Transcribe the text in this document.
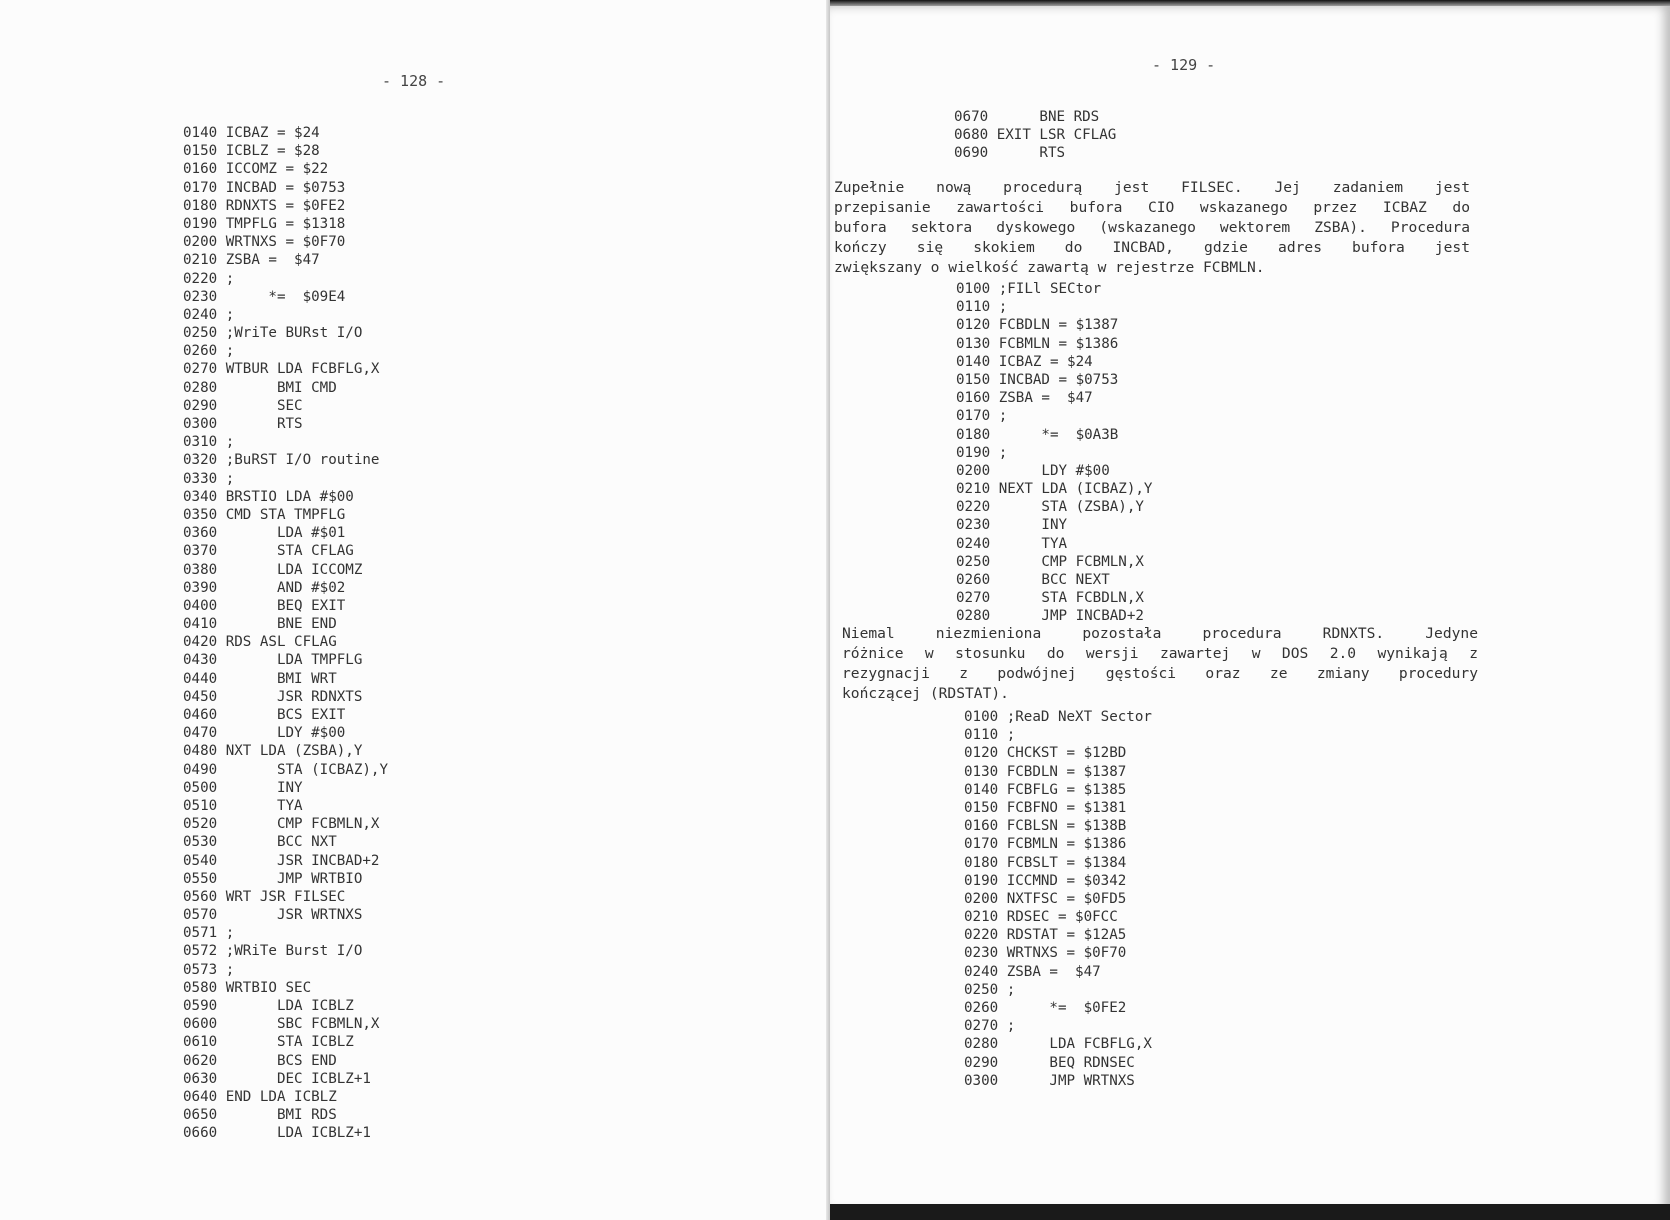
- 128 -
0140 ICBAZ = $24
0150 ICBLZ = $28
0160 ICCOMZ = $22
0170 INCBAD = $0753
0180 RDNXTS = $0FE2
0190 TMPFLG = $1318
0200 WRTNXS = $0F70
0210 ZSBA =  $47
0220 ;
0230      *=  $09E4
0240 ;
0250 ;WriTe BURst I/O
0260 ;
0270 WTBUR LDA FCBFLG,X
0280       BMI CMD
0290       SEC
0300       RTS
0310 ;
0320 ;BuRST I/O routine
0330 ;
0340 BRSTIO LDA #$00
0350 CMD STA TMPFLG
0360       LDA #$01
0370       STA CFLAG
0380       LDA ICCOMZ
0390       AND #$02
0400       BEQ EXIT
0410       BNE END
0420 RDS ASL CFLAG
0430       LDA TMPFLG
0440       BMI WRT
0450       JSR RDNXTS
0460       BCS EXIT
0470       LDY #$00
0480 NXT LDA (ZSBA),Y
0490       STA (ICBAZ),Y
0500       INY
0510       TYA
0520       CMP FCBMLN,X
0530       BCC NXT
0540       JSR INCBAD+2
0550       JMP WRTBIO
0560 WRT JSR FILSEC
0570       JSR WRTNXS
0571 ;
0572 ;WRiTe Burst I/O
0573 ;
0580 WRTBIO SEC
0590       LDA ICBLZ
0600       SBC FCBMLN,X
0610       STA ICBLZ
0620       BCS END
0630       DEC ICBLZ+1
0640 END LDA ICBLZ
0650       BMI RDS
0660       LDA ICBLZ+1
- 129 -
0670      BNE RDS
0680 EXIT LSR CFLAG
0690      RTS
Zupełnie nową procedurą jest FILSEC. Jej zadaniem jest
przepisanie zawartości bufora CIO wskazanego przez ICBAZ do
bufora sektora dyskowego (wskazanego wektorem ZSBA). Procedura
kończy się skokiem do INCBAD, gdzie adres bufora jest
zwiększany o wielkość zawartą w rejestrze FCBMLN.
0100 ;FILl SECtor
0110 ;
0120 FCBDLN = $1387
0130 FCBMLN = $1386
0140 ICBAZ = $24
0150 INCBAD = $0753
0160 ZSBA =  $47
0170 ;
0180      *=  $0A3B
0190 ;
0200      LDY #$00
0210 NEXT LDA (ICBAZ),Y
0220      STA (ZSBA),Y
0230      INY
0240      TYA
0250      CMP FCBMLN,X
0260      BCC NEXT
0270      STA FCBDLN,X
0280      JMP INCBAD+2
Niemal niezmieniona pozostała procedura RDNXTS. Jedyne
różnice w stosunku do wersji zawartej w DOS 2.0 wynikają z
rezygnacji z podwójnej gęstości oraz ze zmiany procedury
kończącej (RDSTAT).
0100 ;ReaD NeXT Sector
0110 ;
0120 CHCKST = $12BD
0130 FCBDLN = $1387
0140 FCBFLG = $1385
0150 FCBFNO = $1381
0160 FCBLSN = $138B
0170 FCBMLN = $1386
0180 FCBSLT = $1384
0190 ICCMND = $0342
0200 NXTFSC = $0FD5
0210 RDSEC = $0FCC
0220 RDSTAT = $12A5
0230 WRTNXS = $0F70
0240 ZSBA =  $47
0250 ;
0260      *=  $0FE2
0270 ;
0280      LDA FCBFLG,X
0290      BEQ RDNSEC
0300      JMP WRTNXS
